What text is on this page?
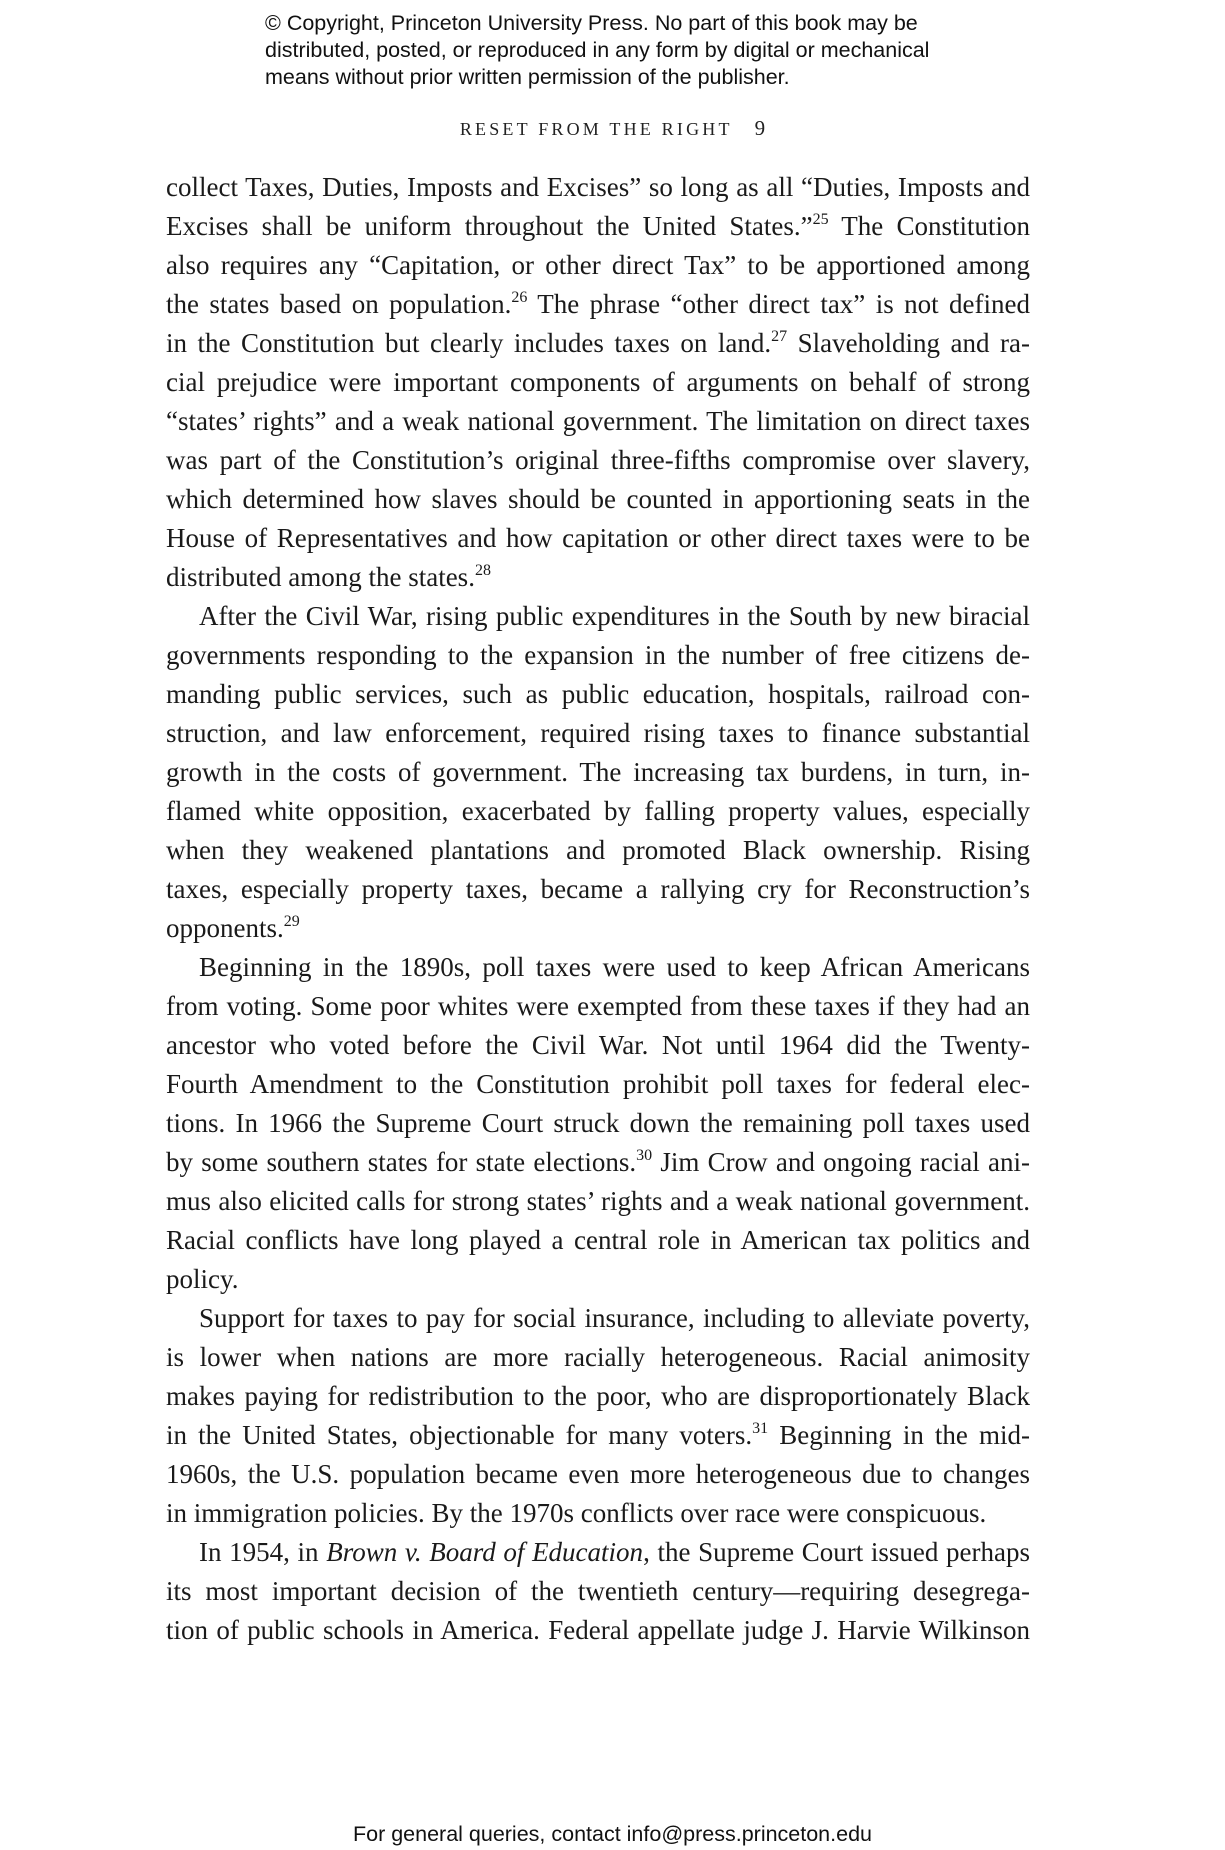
© Copyright, Princeton University Press. No part of this book may be
distributed, posted, or reproduced in any form by digital or mechanical
means without prior written permission of the publisher.
RESET FROM THE RIGHT 9
collect Taxes, Duties, Imposts and Excises” so long as all “Duties, Imposts and
Excises shall be uniform throughout the United States.”$^{25}$ The Constitution
also requires any “Capitation, or other direct Tax” to be apportioned among
the states based on population.$^{26}$ The phrase “other direct tax” is not defined
in the Constitution but clearly includes taxes on land.$^{27}$ Slaveholding and ra-
cial prejudice were important components of arguments on behalf of strong
“states’ rights” and a weak national government. The limitation on direct taxes
was part of the Constitution’s original three-fifths compromise over slavery,
which determined how slaves should be counted in apportioning seats in the
House of Representatives and how capitation or other direct taxes were to be
distributed among the states.$^{28}$
After the Civil War, rising public expenditures in the South by new biracial
governments responding to the expansion in the number of free citizens de-
manding public services, such as public education, hospitals, railroad con-
struction, and law enforcement, required rising taxes to finance substantial
growth in the costs of government. The increasing tax burdens, in turn, in-
flamed white opposition, exacerbated by falling property values, especially
when they weakened plantations and promoted Black ownership. Rising
taxes, especially property taxes, became a rallying cry for Reconstruction’s
opponents.$^{29}$
Beginning in the 1890s, poll taxes were used to keep African Americans
from voting. Some poor whites were exempted from these taxes if they had an
ancestor who voted before the Civil War. Not until 1964 did the Twenty-
Fourth Amendment to the Constitution prohibit poll taxes for federal elec-
tions. In 1966 the Supreme Court struck down the remaining poll taxes used
by some southern states for state elections.$^{30}$ Jim Crow and ongoing racial ani-
mus also elicited calls for strong states’ rights and a weak national government.
Racial conflicts have long played a central role in American tax politics and
policy.
Support for taxes to pay for social insurance, including to alleviate poverty,
is lower when nations are more racially heterogeneous. Racial animosity
makes paying for redistribution to the poor, who are disproportionately Black
in the United States, objectionable for many voters.$^{31}$ Beginning in the mid-
1960s, the U.S. population became even more heterogeneous due to changes
in immigration policies. By the 1970s conflicts over race were conspicuous.
In 1954, in Brown v. Board of Education, the Supreme Court issued perhaps
its most important decision of the twentieth century—requiring desegrega-
tion of public schools in America. Federal appellate judge J. Harvie Wilkinson
For general queries, contact info@press.princeton.edu
